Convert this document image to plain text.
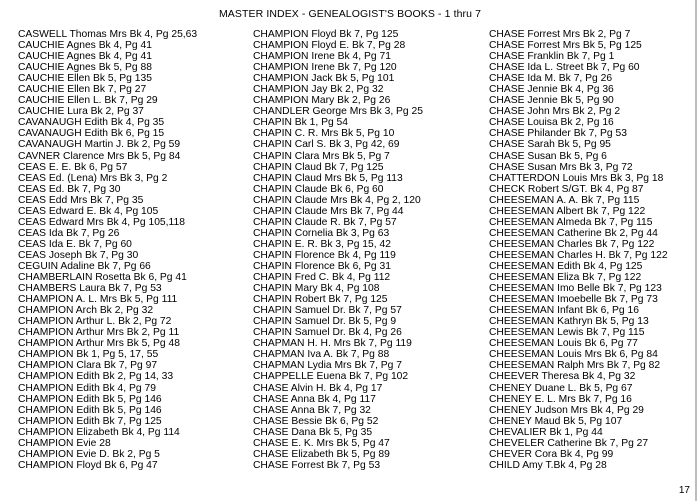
MASTER INDEX - GENEALOGIST'S BOOKS - 1 thru 7
CASWELL Thomas Mrs Bk 4, Pg 25,63
CAUCHIE Agnes Bk 4, Pg 41
CAUCHIE Agnes Bk 4, Pg 41
CAUCHIE Agnes Bk 5, Pg 88
CAUCHIE Ellen Bk 5, Pg 135
CAUCHIE Ellen Bk 7, Pg 27
CAUCHIE Ellen L. Bk 7, Pg 29
CAUCHIE Lura Bk 2, Pg 37
CAVANAUGH Edith Bk 4, Pg 35
CAVANAUGH Edith Bk 6, Pg 15
CAVANAUGH Martin J. Bk 2, Pg 59
CAVNER Clarence Mrs Bk 5, Pg 84
CEAS E. E. Bk 6, Pg 57
CEAS Ed. (Lena) Mrs Bk 3, Pg 2
CEAS Ed. Bk 7, Pg 30
CEAS Edd Mrs Bk 7, Pg 35
CEAS Edward E. Bk 4, Pg 105
CEAS Edward Mrs Bk 4, Pg 105,118
CEAS Ida Bk 7, Pg 26
CEAS Ida E. Bk 7, Pg 60
CEAS Joseph Bk 7, Pg 30
CEGUIN Adaline Bk 7, Pg 66
CHAMBERLAIN Rosetta Bk 6, Pg 41
CHAMBERS Laura Bk 7, Pg 53
CHAMPION A. L. Mrs Bk 5, Pg 111
CHAMPION Arch Bk 2, Pg 32
CHAMPION Arthur L. Bk 2, Pg 72
CHAMPION Arthur Mrs Bk 2, Pg 11
CHAMPION Arthur Mrs Bk 5, Pg 48
CHAMPION Bk 1, Pg 5, 17, 55
CHAMPION Clara Bk 7, Pg 97
CHAMPION Edith Bk 2, Pg 14, 33
CHAMPION Edith Bk 4, Pg 79
CHAMPION Edith Bk 5, Pg 146
CHAMPION Edith Bk 5, Pg 146
CHAMPION Edith Bk 7, Pg 125
CHAMPION Elizabeth Bk 4, Pg 114
CHAMPION Evie 28
CHAMPION Evie D. Bk 2, Pg 5
CHAMPION Floyd Bk 6, Pg 47
CHAMPION Floyd Bk 7, Pg 125
CHAMPION Floyd E. Bk 7, Pg 28
CHAMPION Irene Bk 4, Pg 71
CHAMPION Irene Bk 7, Pg 120
CHAMPION Jack Bk 5, Pg 101
CHAMPION Jay Bk 2, Pg 32
CHAMPION Mary Bk 2, Pg 26
CHANDLER George Mrs Bk 3, Pg 25
CHAPIN Bk 1, Pg 54
CHAPIN C. R. Mrs Bk 5, Pg 10
CHAPIN Carl S. Bk 3, Pg 42, 69
CHAPIN Clara Mrs Bk 5, Pg 7
CHAPIN Claud Bk 7, Pg 125
CHAPIN Claud Mrs Bk 5, Pg 113
CHAPIN Claude Bk 6, Pg 60
CHAPIN Claude Mrs Bk 4, Pg 2, 120
CHAPIN Claude Mrs Bk 7, Pg 44
CHAPIN Claude R. Bk 7, Pg 57
CHAPIN Cornelia Bk 3, Pg 63
CHAPIN E. R. Bk 3, Pg 15, 42
CHAPIN Florence Bk 4, Pg 119
CHAPIN Florence Bk 6, Pg 31
CHAPIN Fred C. Bk 4, Pg 112
CHAPIN Mary Bk 4, Pg 108
CHAPIN Robert Bk 7, Pg 125
CHAPIN Samuel Dr. Bk 7, Pg 57
CHAPIN Samuel Dr. Bk 5, Pg 9
CHAPIN Samuel Dr. Bk 4, Pg 26
CHAPMAN H. H. Mrs Bk 7, Pg 119
CHAPMAN Iva A. Bk 7, Pg 88
CHAPMAN Lydia Mrs Bk 7, Pg 7
CHAPPELLE Euena Bk 7, Pg 102
CHASE Alvin H. Bk 4, Pg 17
CHASE Anna Bk 4, Pg 117
CHASE Anna Bk 7, Pg 32
CHASE Bessie Bk 6, Pg 52
CHASE Dana Bk 5, Pg 35
CHASE E. K. Mrs Bk 5, Pg 47
CHASE Elizabeth Bk 5, Pg 89
CHASE Forrest Bk 7, Pg 53
CHASE Forrest Mrs Bk 2, Pg 7
CHASE Forrest Mrs Bk 5, Pg 125
CHASE Franklin Bk 7, Pg 1
CHASE Ida L. Street Bk 7, Pg 60
CHASE Ida M. Bk 7, Pg 26
CHASE Jennie Bk 4, Pg 36
CHASE Jennie Bk 5, Pg 90
CHASE John Mrs Bk 2, Pg 2
CHASE Louisa Bk 2, Pg 16
CHASE Philander Bk 7, Pg 53
CHASE Sarah Bk 5, Pg 95
CHASE Susan Bk 5, Pg 6
CHASE Susan Mrs Bk 3, Pg 72
CHATTERDON Louis Mrs Bk 3, Pg 18
CHECK Robert S/GT. Bk 4, Pg 87
CHEESEMAN A. A. Bk 7, Pg 115
CHEESEMAN Albert Bk 7, Pg 122
CHEESEMAN Almeda Bk 7, Pg 115
CHEESEMAN Catherine Bk 2, Pg 44
CHEESEMAN Charles Bk 7, Pg 122
CHEESEMAN Charles H. Bk 7, Pg 122
CHEESEMAN Edith Bk 4, Pg 125
CHEESEMAN Eliza Bk 7, Pg 122
CHEESEMAN Imo Belle Bk 7, Pg 123
CHEESEMAN Imoebelle Bk 7, Pg 73
CHEESEMAN Infant Bk 6, Pg 16
CHEESEMAN Kathryn Bk 5, Pg 13
CHEESEMAN Lewis Bk 7, Pg 115
CHEESEMAN Louis Bk 6, Pg 77
CHEESEMAN Louis Mrs Bk 6, Pg 84
CHEESEMAN Ralph Mrs Bk 7, Pg 82
CHEEVER Theresa Bk 4, Pg 32
CHENEY Duane L. Bk 5, Pg 67
CHENEY E. L. Mrs Bk 7, Pg 16
CHENEY Judson Mrs Bk 4, Pg 29
CHENEY Maud Bk 5, Pg 107
CHEVALIER Bk 1, Pg 44
CHEVELER Catherine Bk 7, Pg 27
CHEVER Cora Bk 4, Pg 99
CHILD Amy T.Bk 4, Pg 28
17
